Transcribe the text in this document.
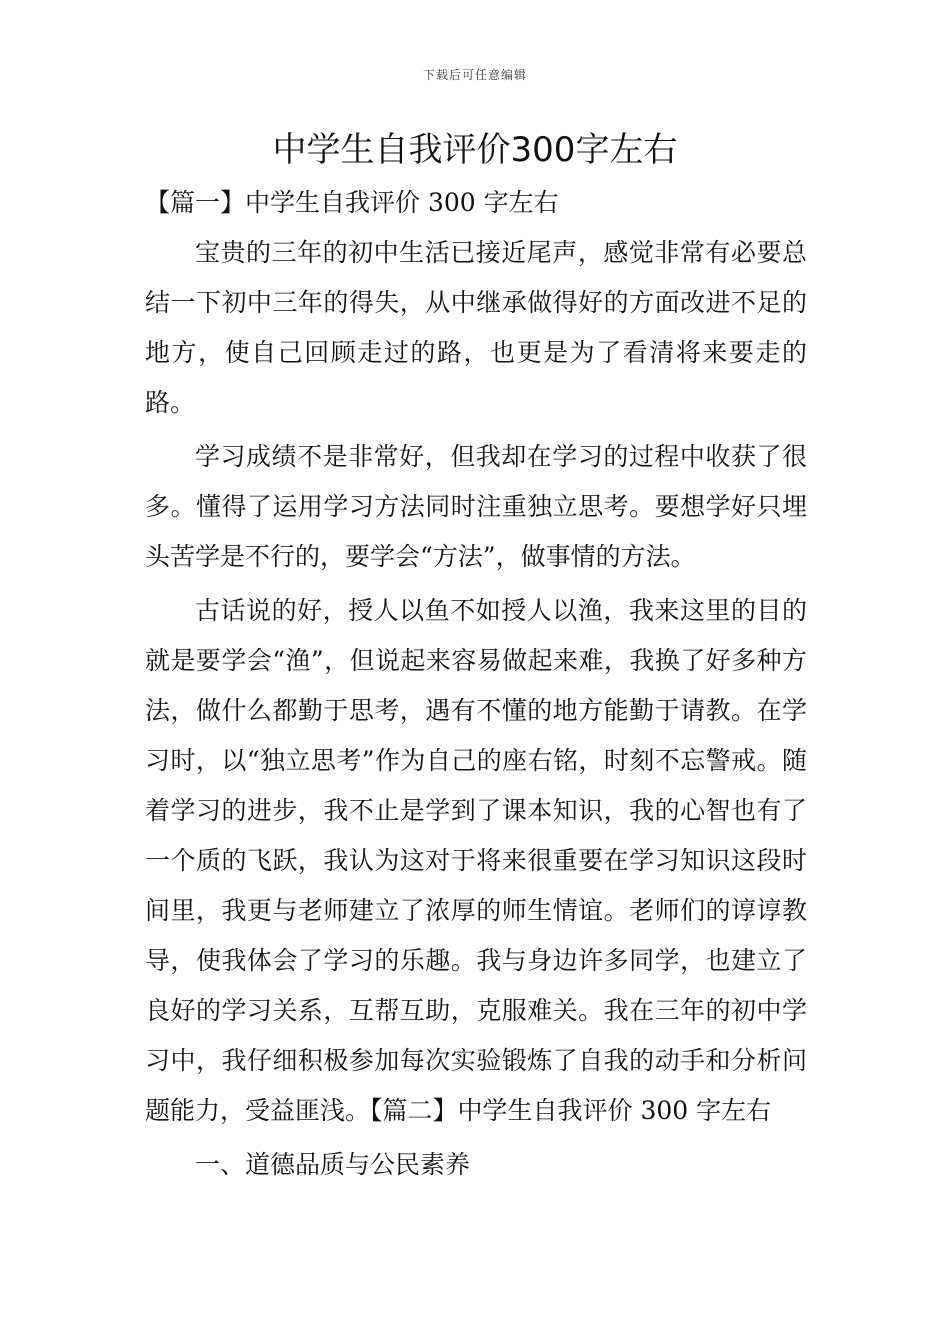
下载后可任意编辑
中学生自我评价300字左右

【篇一】中学生自我评价 300 字左右

宝贵的三年的初中生活已接近尾声，感觉非常有必要总结一下初中三年的得失，从中继承做得好的方面改进不足的地方，使自己回顾走过的路，也更是为了看清将来要走的路。

学习成绩不是非常好，但我却在学习的过程中收获了很多。懂得了运用学习方法同时注重独立思考。要想学好只埋头苦学是不行的，要学会“方法”，做事情的方法。

古话说的好，授人以鱼不如授人以渔，我来这里的目的就是要学会“渔”，但说起来容易做起来难，我换了好多种方法，做什么都勤于思考，遇有不懂的地方能勤于请教。在学习时，以“独立思考”作为自己的座右铭，时刻不忘警戒。随着学习的进步，我不止是学到了课本知识，我的心智也有了一个质的飞跃，我认为这对于将来很重要在学习知识这段时间里，我更与老师建立了浓厚的师生情谊。老师们的谆谆教导，使我体会了学习的乐趣。我与身边许多同学，也建立了良好的学习关系，互帮互助，克服难关。我在三年的初中学习中，我仔细积极参加每次实验锻炼了自我的动手和分析问题能力，受益匪浅。【篇二】中学生自我评价 300 字左右

一、道德品质与公民素养
